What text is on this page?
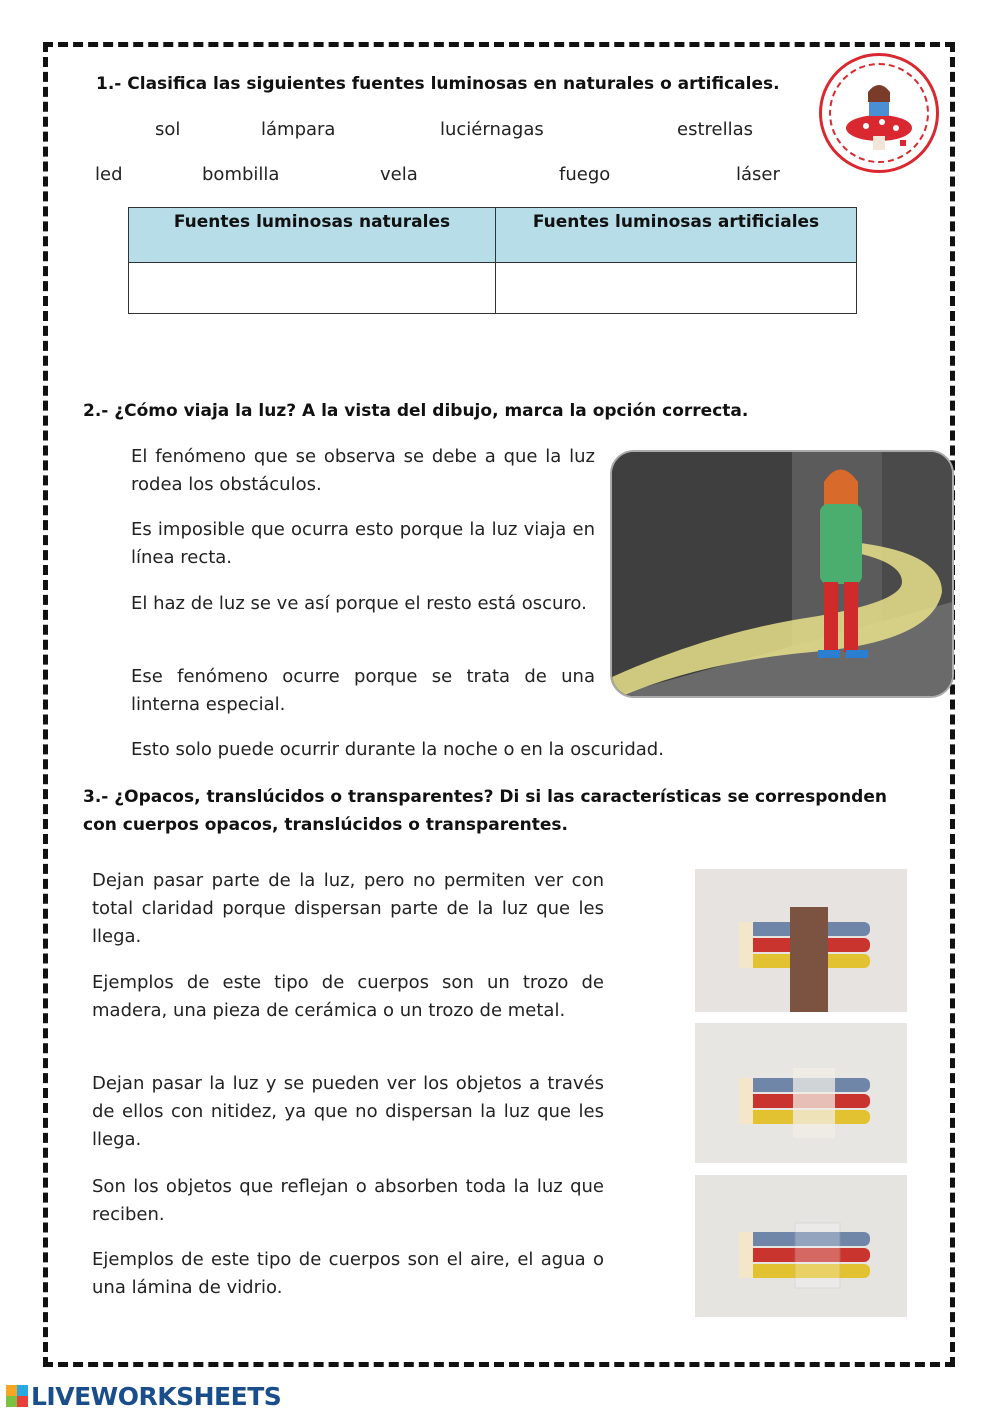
1.- Clasifica las siguientes fuentes luminosas en naturales o artificales.
sol	lámpara	luciérnagas	estrellas
led	bombilla	vela	fuego	láser
Fuentes luminosas naturales	Fuentes luminosas artificiales

2.- ¿Cómo viaja la luz? A la vista del dibujo, marca la opción correcta.
El fenómeno que se observa se debe a que la luz rodea los obstáculos.
Es imposible que ocurra esto porque la luz viaja en línea recta.
El haz de luz se ve así porque el resto está oscuro.
Ese fenómeno ocurre porque se trata de una linterna especial.
Esto solo puede ocurrir durante la noche o en la oscuridad.
3.- ¿Opacos, translúcidos o transparentes? Di si las características se corresponden
con cuerpos opacos, translúcidos o transparentes.
Dejan pasar parte de la luz, pero no permiten ver con total claridad porque dispersan parte de la luz que les llega.
Ejemplos de este tipo de cuerpos son un trozo de madera, una pieza de cerámica o un trozo de metal.
Dejan pasar la luz y se pueden ver los objetos a través de ellos con nitidez, ya que no dispersan la luz que les llega.
Son los objetos que reflejan o absorben toda la luz que reciben.
Ejemplos de este tipo de cuerpos son el aire, el agua o una lámina de vidrio.
LIVEWORKSHEETS
